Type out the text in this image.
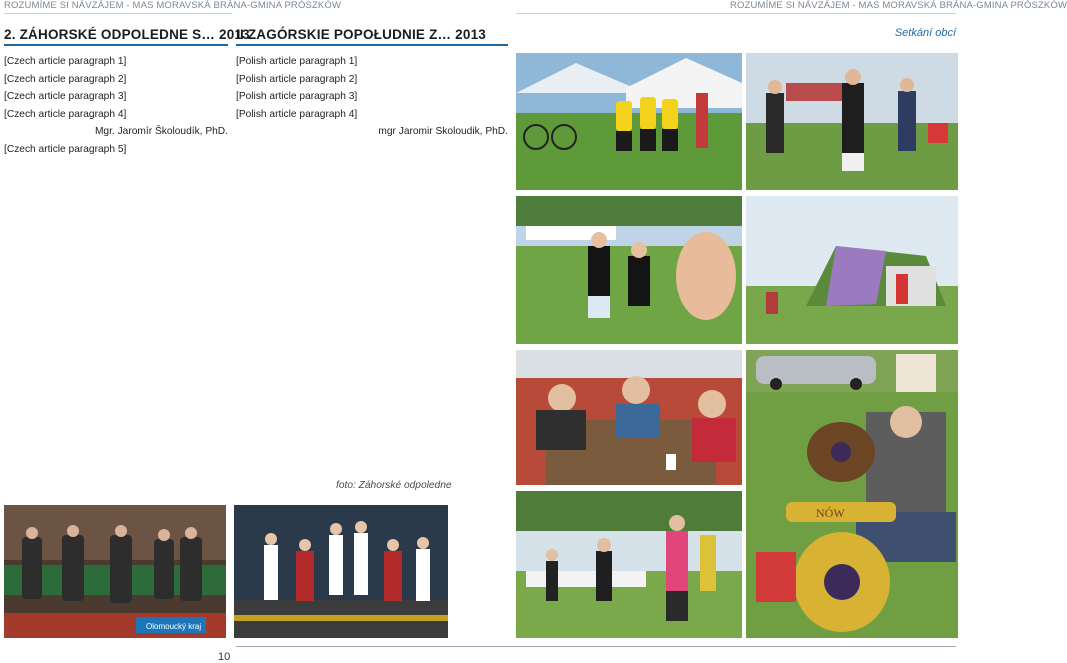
ROZUMÍME SI NÁVZÁJEM - MAS MORAVSKÁ BRÁNA-GMINA PRÓSZKÓW	ROZUMÍME SI NÁVZÁJEM - MAS MORAVSKÁ BRÁNA-GMINA PRÓSZKÓW
Setkání obcí
2. ZÁHORSKÉ ODPOLEDNE S… 2013
II ZAGÓRSKIE POPOŁUDNIE Z… 2013

[Czech article paragraph 1]

[Czech article paragraph 2]

[Czech article paragraph 3]

[Czech article paragraph 4]

Mgr. Jaromír Školoudík, PhD.

[Czech article paragraph 5]

[Polish article paragraph 1]

[Polish article paragraph 2]

[Polish article paragraph 3]

[Polish article paragraph 4]

mgr Jaromir Skoloudik, PhD.

foto: Záhorské odpoledne
Olomoucký kraj
NÓW
10
